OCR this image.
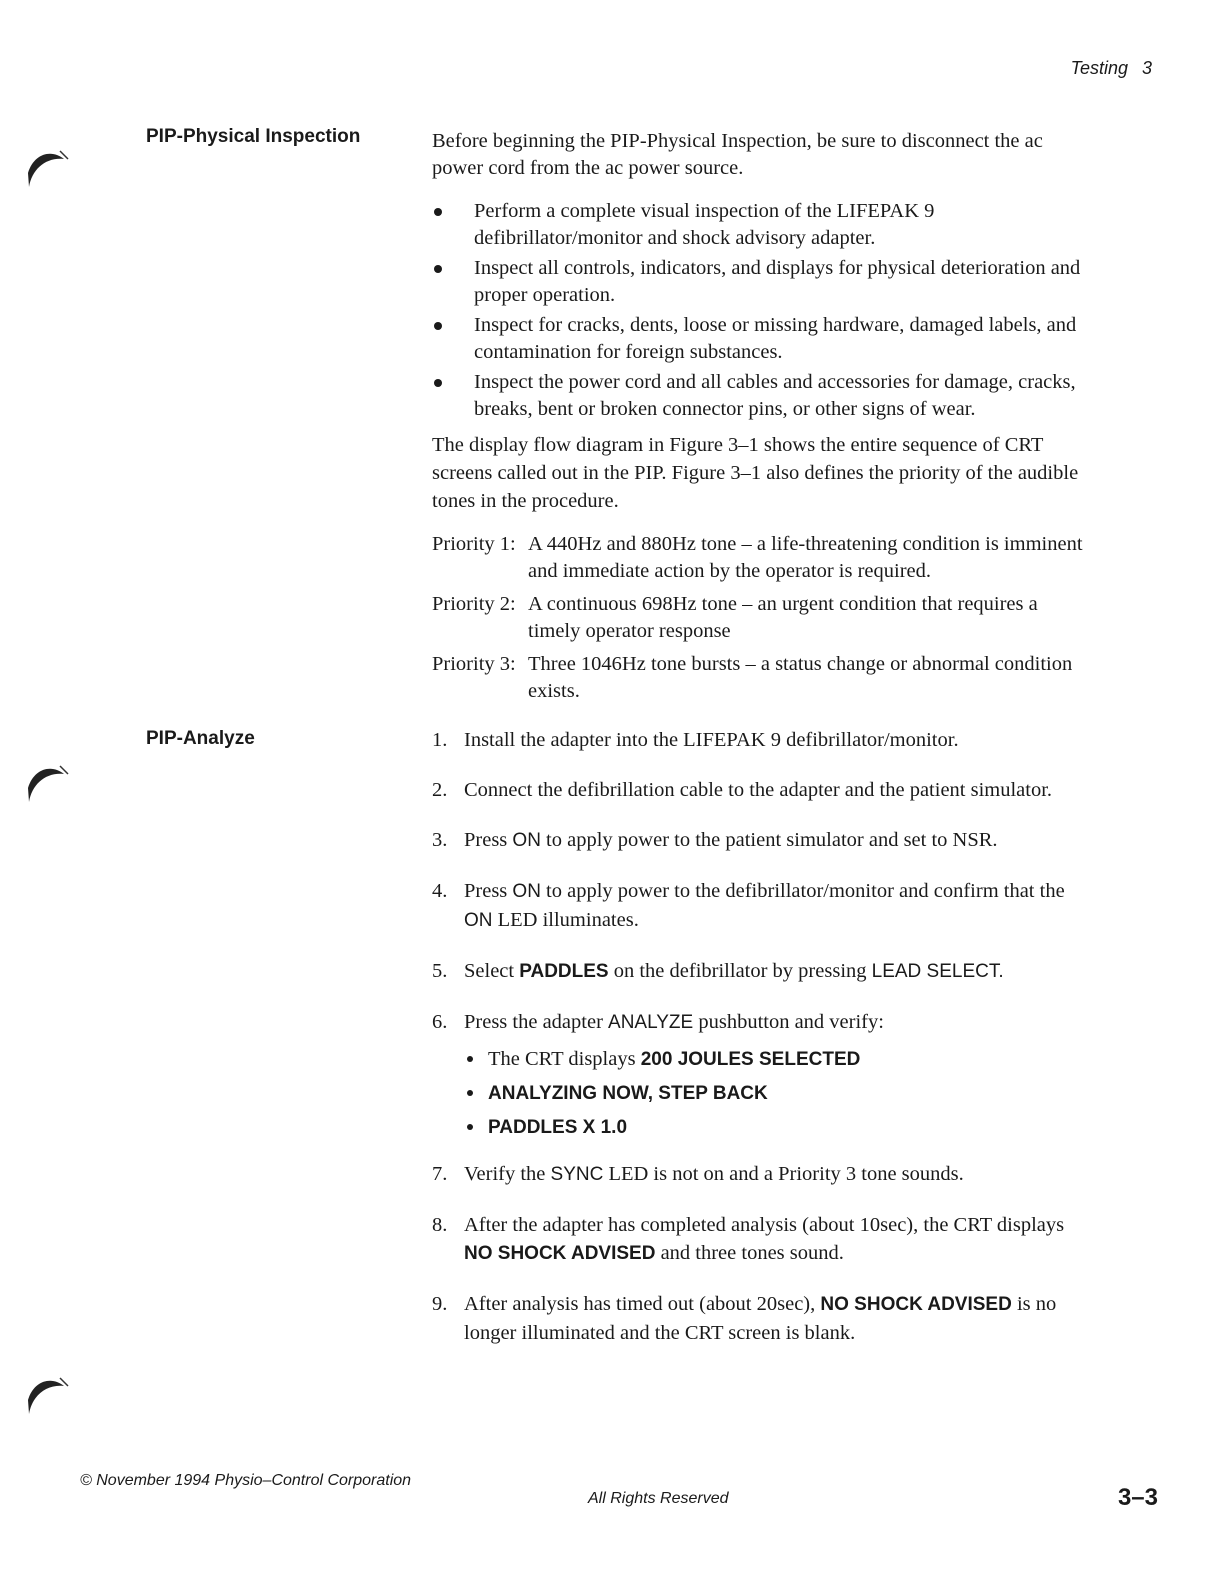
Testing 3
PIP-Physical Inspection	Before beginning the PIP-Physical Inspection, be sure to disconnect the ac power cord from the ac power source.

Perform a complete visual inspection of the LIFEPAK 9 defibrillator/monitor and shock advisory adapter.
Inspect all controls, indicators, and displays for physical deterioration and proper operation.
Inspect for cracks, dents, loose or missing hardware, damaged labels, and contamination for foreign substances.
Inspect the power cord and all cables and accessories for damage, cracks, breaks, bent or broken connector pins, or other signs of wear.

The display flow diagram in Figure 3–1 shows the entire sequence of CRT screens called out in the PIP. Figure 3–1 also defines the priority of the audible tones in the procedure.

Priority 1: A 440Hz and 880Hz tone – a life-threatening condition is imminent and immediate action by the operator is required.
Priority 2: A continuous 698Hz tone – an urgent condition that requires a timely operator response
Priority 3: Three 1046Hz tone bursts – a status change or abnormal condition exists.
PIP-Analyze	1. Install the adapter into the LIFEPAK 9 defibrillator/monitor.
2. Connect the defibrillation cable to the adapter and the patient simulator.
3. Press ON to apply power to the patient simulator and set to NSR.
4. Press ON to apply power to the defibrillator/monitor and confirm that the ON LED illuminates.
5. Select PADDLES on the defibrillator by pressing LEAD SELECT.
6. Press the adapter ANALYZE pushbutton and verify:
The CRT displays 200 JOULES SELECTED
ANALYZING NOW, STEP BACK
PADDLES X 1.0
7. Verify the SYNC LED is not on and a Priority 3 tone sounds.
8. After the adapter has completed analysis (about 10sec), the CRT displays NO SHOCK ADVISED and three tones sound.
9. After analysis has timed out (about 20sec), NO SHOCK ADVISED is no longer illuminated and the CRT screen is blank.
© November 1994 Physio–Control Corporation
All Rights Reserved	3–3
